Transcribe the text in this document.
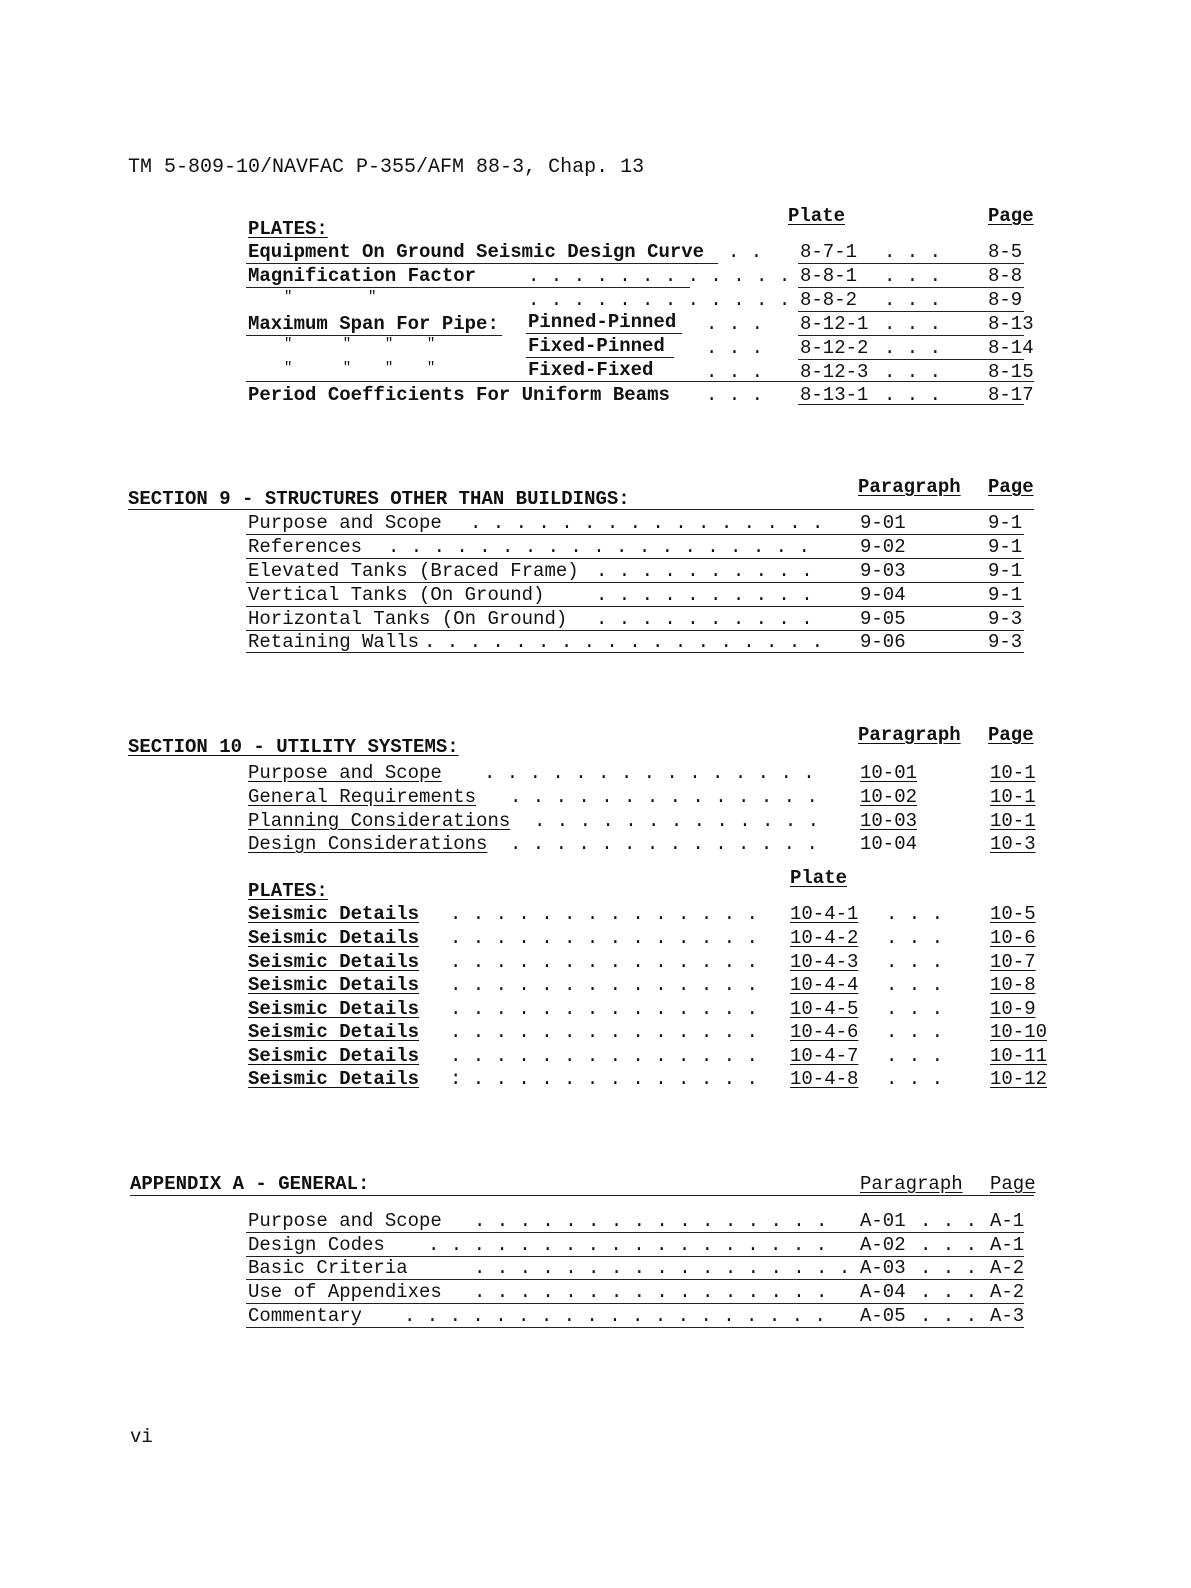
TM 5-809-10/NAVFAC P-355/AFM 88-3, Chap. 13
Plate	Page
PLATES:
Equipment On Ground Seismic Design Curve . . 8-7-1 . . . 8-5
Magnification Factor	. . . . . . . . . . . . 8-8-1 . . . 8-8
"         "	. . . . . . . . . . . . 8-8-2 . . . 8-9
Maximum Span For Pipe: Pinned-Pinned . . . 8-12-1 . . . 8-13
"      "    "    "	Fixed-Pinned . . . 8-12-2 . . . 8-14
"      "    "    "	Fixed-Fixed	. . . 8-12-3 . . . 8-15
Period Coefficients For Uniform Beams . . . 8-13-1 . . . 8-17
Paragraph Page
SECTION 9 - STRUCTURES OTHER THAN BUILDINGS:
Purpose and Scope . . . . . . . . . . . . . . . . 9-01	9-1
References . . . . . . . . . . . . . . . . . . .	9-02	9-1
Elevated Tanks (Braced Frame) . . . . . . . . . . 9-03	9-1
Vertical Tanks (On Ground)	. . . . . . . . . . 9-04	9-1
Horizontal Tanks (On Ground) . . . . . . . . . . 9-05	9-3
Retaining Walls . . . . . . . . . . . . . . . . . . 9-06	9-3
Paragraph Page
SECTION 10 - UTILITY SYSTEMS:
Purpose and Scope . . . . . . . . . . . . . . . 10-01	10-1
General Requirements . . . . . . . . . . . . . . 10-02	10-1
Planning Considerations . . . . . . . . . . . . . 10-03	10-1
Design Considerations . . . . . . . . . . . . . . 10-04	10-3
Plate
PLATES:
Seismic Details . . . . . . . . . . . . . . 10-4-1 . . . 10-5
Seismic Details . . . . . . . . . . . . . . 10-4-2 . . . 10-6
Seismic Details . . . . . . . . . . . . . . 10-4-3 . . . 10-7
Seismic Details . . . . . . . . . . . . . . 10-4-4 . . . 10-8
Seismic Details . . . . . . . . . . . . . . 10-4-5 . . . 10-9
Seismic Details . . . . . . . . . . . . . . 10-4-6 . . . 10-10
Seismic Details . . . . . . . . . . . . . . 10-4-7 . . . 10-11
Seismic Details : . . . . . . . . . . . . . 10-4-8 . . . 10-12
APPENDIX A - GENERAL:	Paragraph Page
Purpose and Scope . . . . . . . . . . . . . . . . A-01 . . . A-1
Design Codes . . . . . . . . . . . . . . . . . . A-02 . . . A-1
Basic Criteria	. . . . . . . . . . . . . . . . . A-03 . . . A-2
Use of Appendixes . . . . . . . . . . . . . . . . A-04 . . . A-2
Commentary . . . . . . . . . . . . . . . . . . . A-05 . . . A-3
vi
